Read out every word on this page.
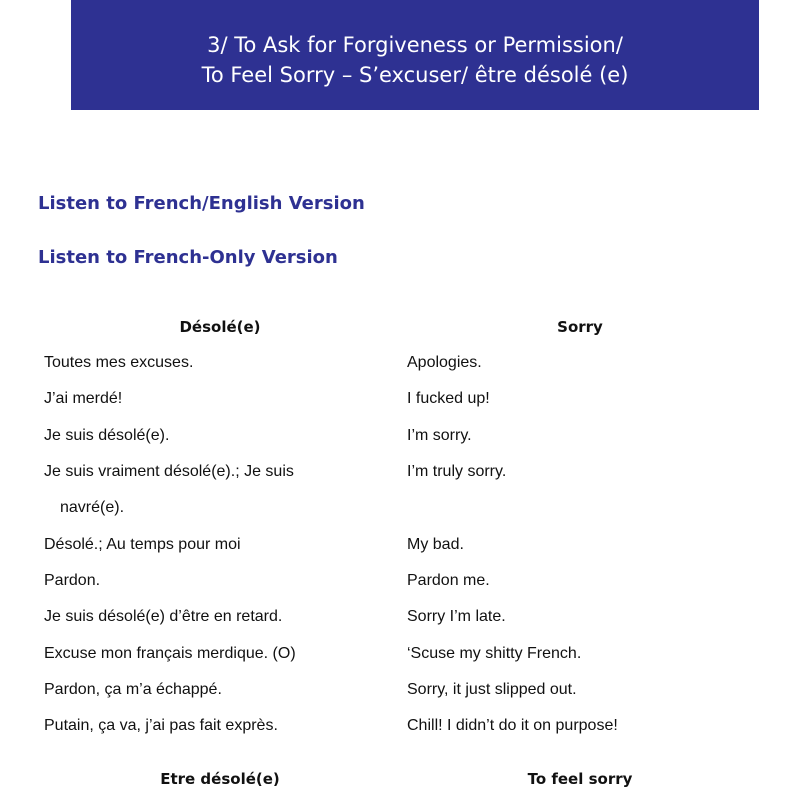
3/ To Ask for Forgiveness or Permission/
To Feel Sorry – S’excuser/ être désolé (e)
Listen to French/English Version
Listen to French-Only Version
Désolé(e)	Sorry
Toutes mes excuses.	Apologies.
J’ai merdé!	I fucked up!
Je suis désolé(e).	I’m sorry.
Je suis vraiment désolé(e).; Je suis	I’m truly sorry.
navré(e).
Désolé.; Au temps pour moi	My bad.
Pardon.	Pardon me.
Je suis désolé(e) d’être en retard.	Sorry I’m late.
Excuse mon français merdique. (O)	‘Scuse my shitty French.
Pardon, ça m’a échappé.	Sorry, it just slipped out.
Putain, ça va, j’ai pas fait exprès.	Chill! I didn’t do it on purpose!
Etre désolé(e)	To feel sorry
